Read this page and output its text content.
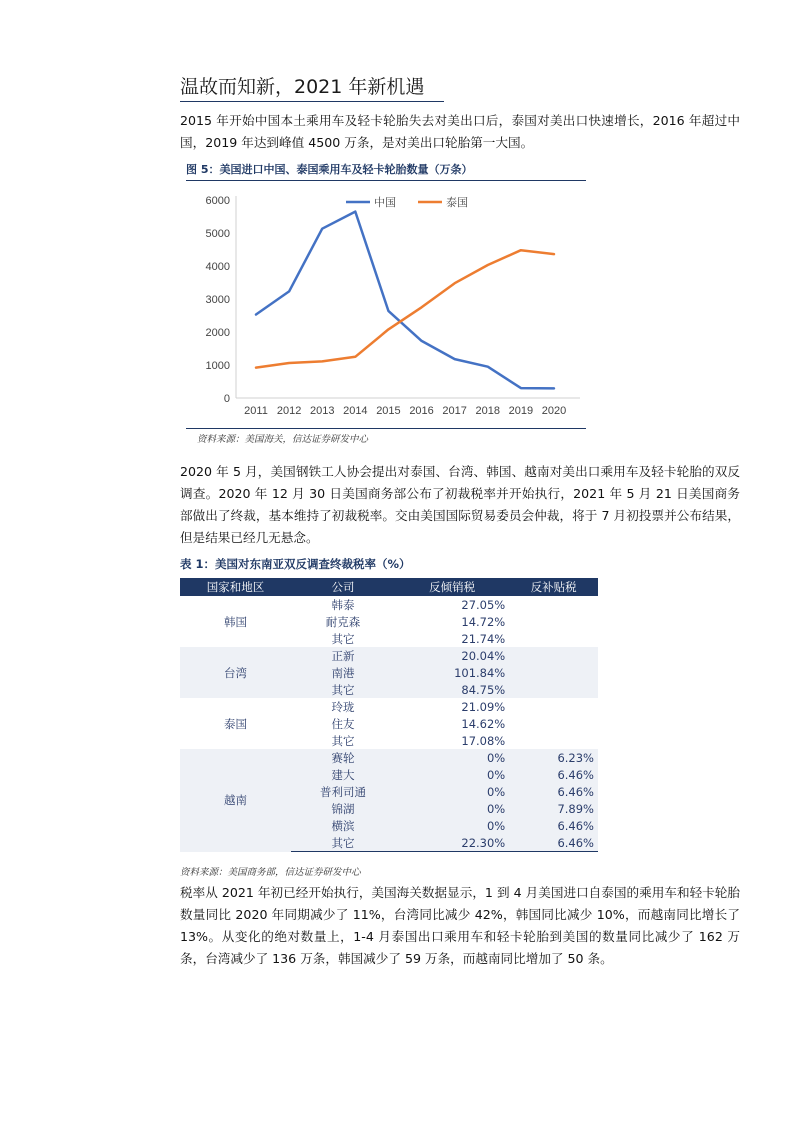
温故而知新，2021 年新机遇
2015 年开始中国本土乘用车及轻卡轮胎失去对美出口后，泰国对美出口快速增长，2016 年超过中国，2019 年达到峰值 4500 万条，是对美出口轮胎第一大国。
图 5：美国进口中国、泰国乘用车及轻卡轮胎数量（万条）
0
1000
2000
3000
4000
5000
6000
2011 2012 2013 2014 2015 2016 2017 2018 2019 2020
中国	泰国
资料来源：美国海关，信达证券研发中心
2020 年 5 月，美国钢铁工人协会提出对泰国、台湾、韩国、越南对美出口乘用车及轻卡轮胎的双反调查。2020 年 12 月 30 日美国商务部公布了初裁税率并开始执行，2021 年 5 月 21 日美国商务部做出了终裁，基本维持了初裁税率。交由美国国际贸易委员会仲裁，将于 7 月初投票并公布结果，但是结果已经几无悬念。
表 1：美国对东南亚双反调查终裁税率（%）
国家和地区	公司	反倾销税	反补贴税
韩国	韩泰	27.05%	
	耐克森	14.72%	
	其它	21.74%	
台湾	正新	20.04%	
	南港	101.84%	
	其它	84.75%	
泰国	玲珑	21.09%	
	住友	14.62%	
	其它	17.08%	
越南	赛轮	0%	6.23%
	建大	0%	6.46%
	普利司通	0%	6.46%
	锦湖	0%	7.89%
	横滨	0%	6.46%
	其它	22.30%	6.46%
资料来源：美国商务部，信达证券研发中心
税率从 2021 年初已经开始执行，美国海关数据显示，1 到 4 月美国进口自泰国的乘用车和轻卡轮胎数量同比 2020 年同期减少了 11%，台湾同比减少 42%，韩国同比减少 10%，而越南同比增长了 13%。从变化的绝对数量上，1-4 月泰国出口乘用车和轻卡轮胎到美国的数量同比减少了 162 万条，台湾减少了 136 万条，韩国减少了 59 万条，而越南同比增加了 50 条。
